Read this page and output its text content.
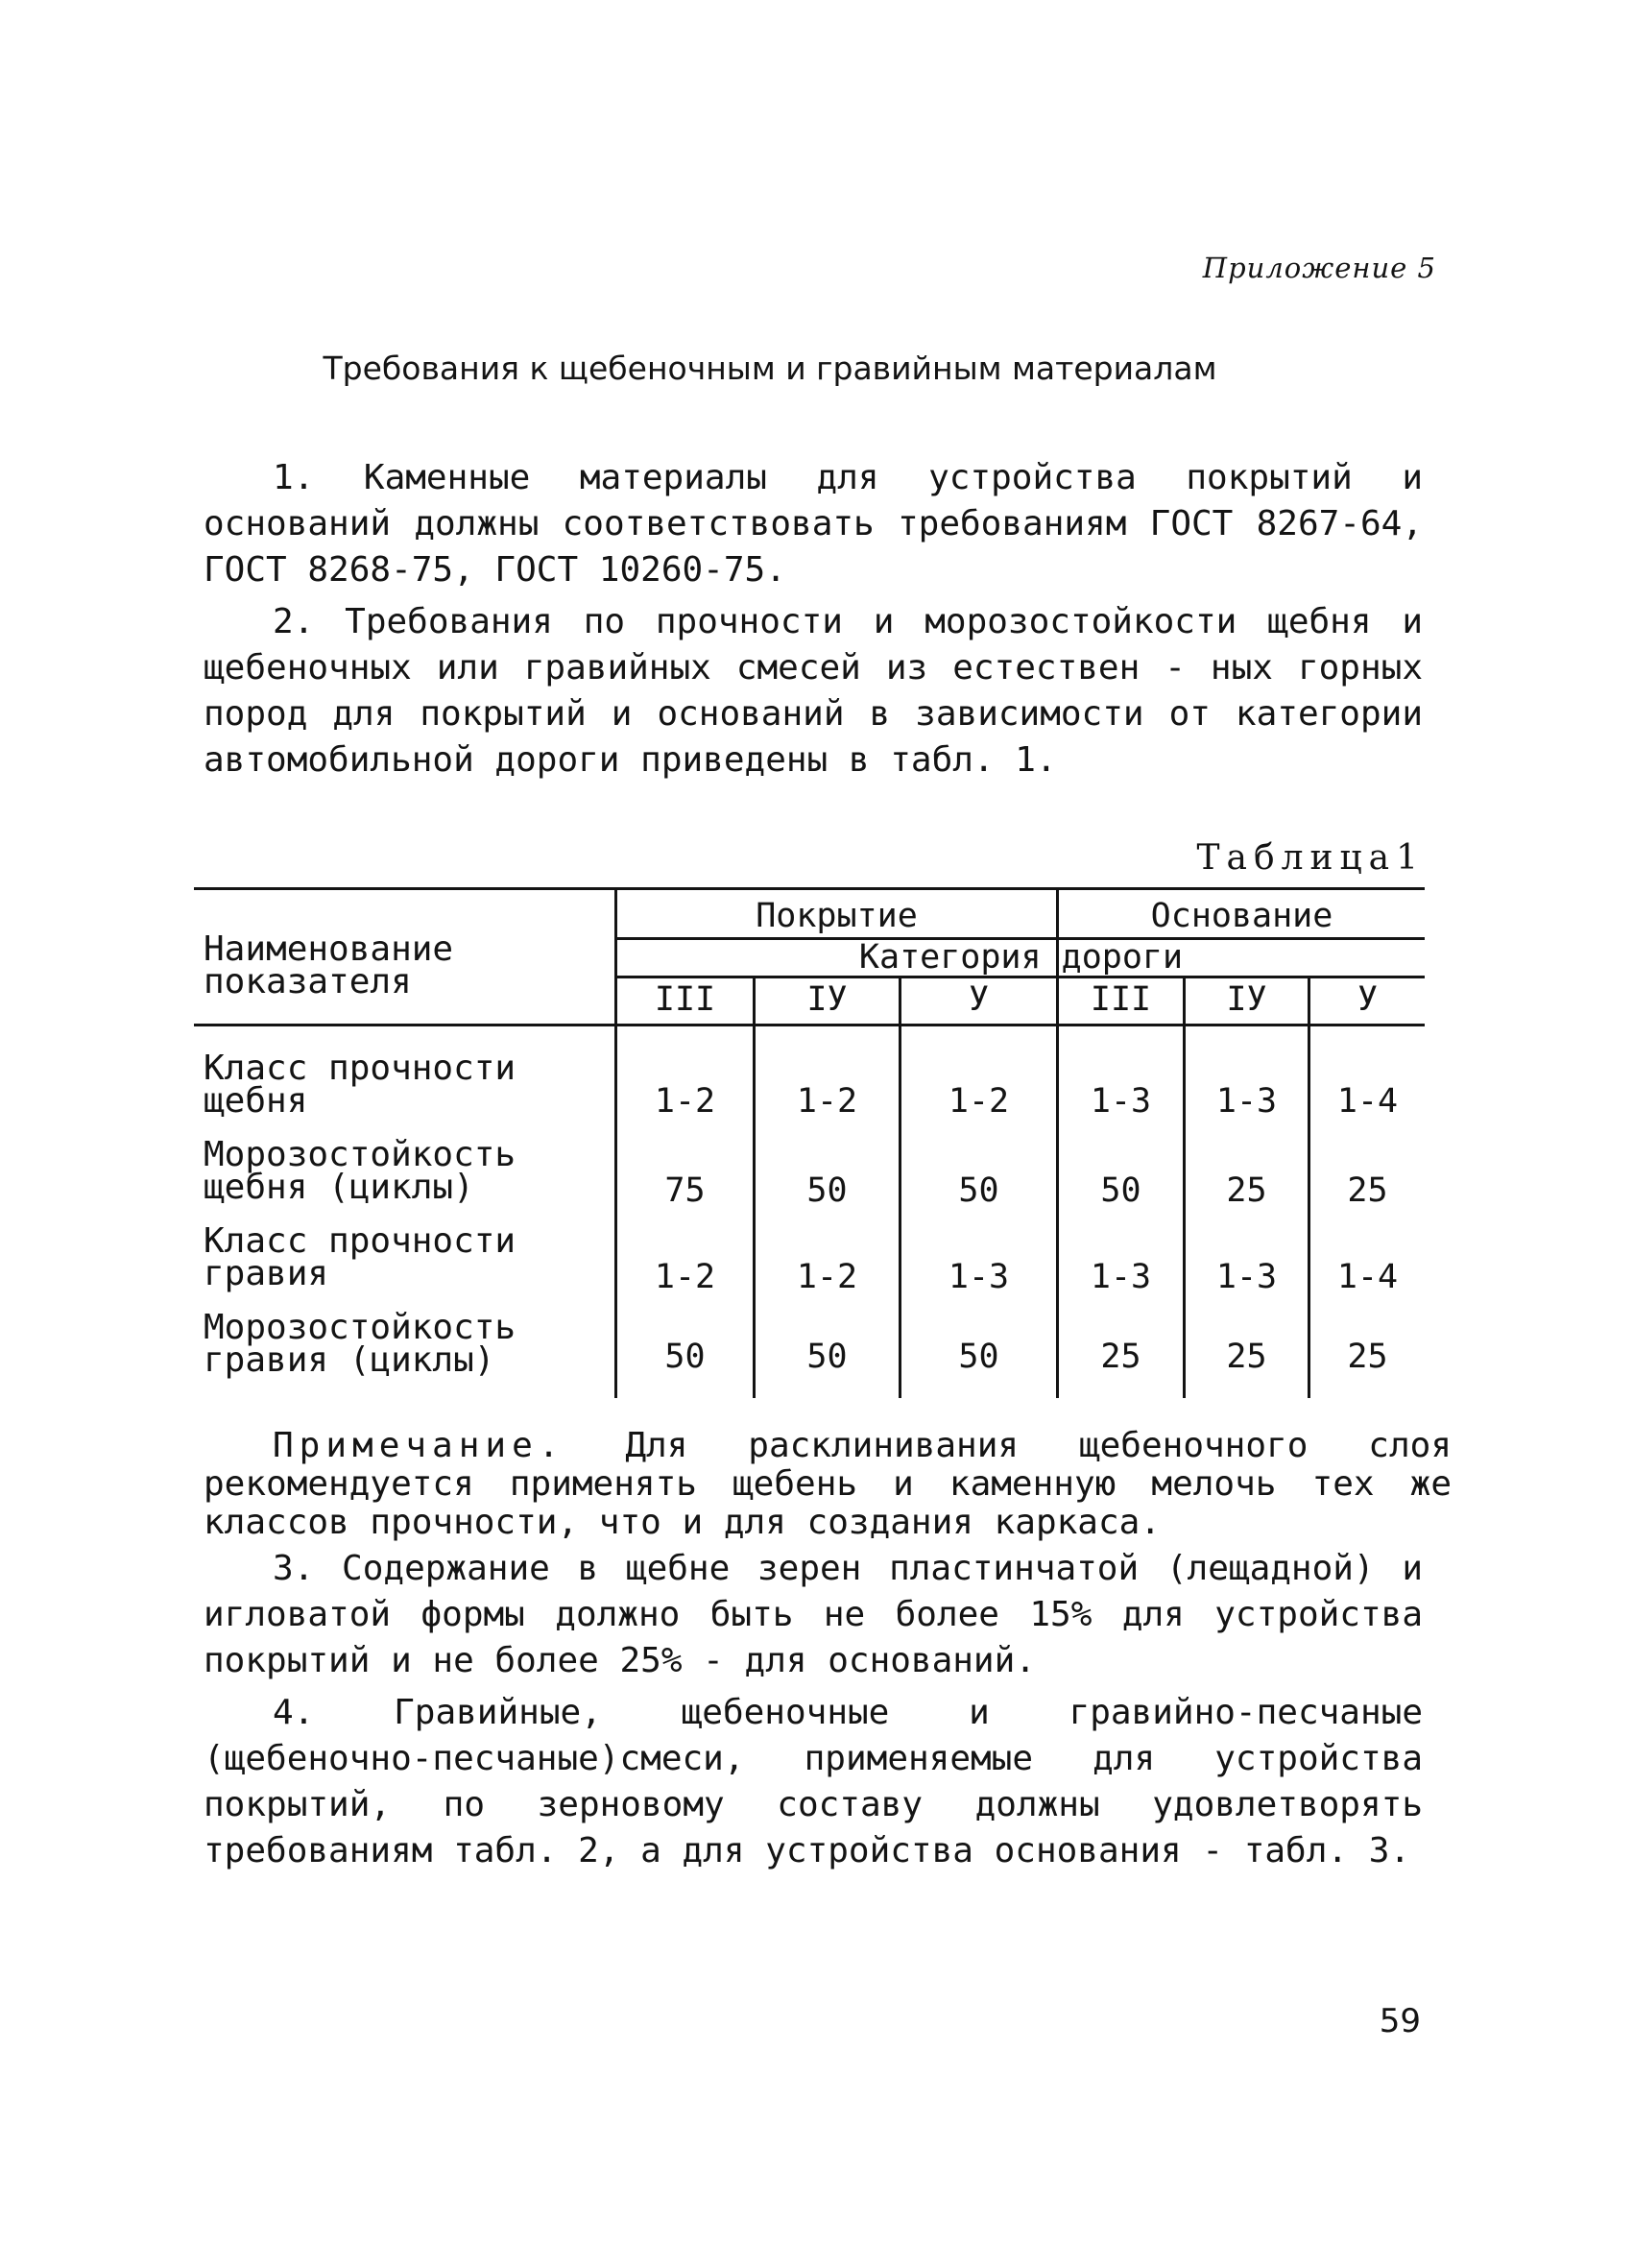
Приложение 5
Требования к щебеночным и гравийным материалам

1. Каменные материалы для устройства покрытий и оснований должны соответствовать требованиям ГОСТ 8267-64, ГОСТ 8268-75, ГОСТ 10260-75.

2. Требования по прочности и морозостойкости щебня и щебеночных или гравийных смесей из естествен - ных горных пород для покрытий и оснований в зависимости от категории автомобильной дороги приведены в табл. 1.

Таблица1
Наименование
показателя
Покрытие	Основание
Категория дороги
III	IУ	У	III	IУ	У
Класс прочности
щебня	1-2	1-2	1-2	1-3	1-3	1-4
Морозостойкость
щебня (циклы)	75	50	50	50	25	25
Класс прочности
гравия	1-2	1-2	1-3	1-3	1-3	1-4
Морозостойкость
гравия (циклы)	50	50	50	25	25	25

Примечание. Для расклинивания щебеночного слоя рекомендуется применять щебень и каменную мелочь тех же классов прочности, что и для создания каркаса.

3. Содержание в щебне зерен пластинчатой (лещадной) и игловатой формы должно быть не более 15% для устройства покрытий и не более 25% - для оснований.

4. Гравийные, щебеночные и гравийно-песчаные (щебеночно-песчаные)смеси, применяемые для устройства покрытий, по зерновому составу должны удовлетворять требованиям табл. 2, а для устройства основания - табл. 3.

59
